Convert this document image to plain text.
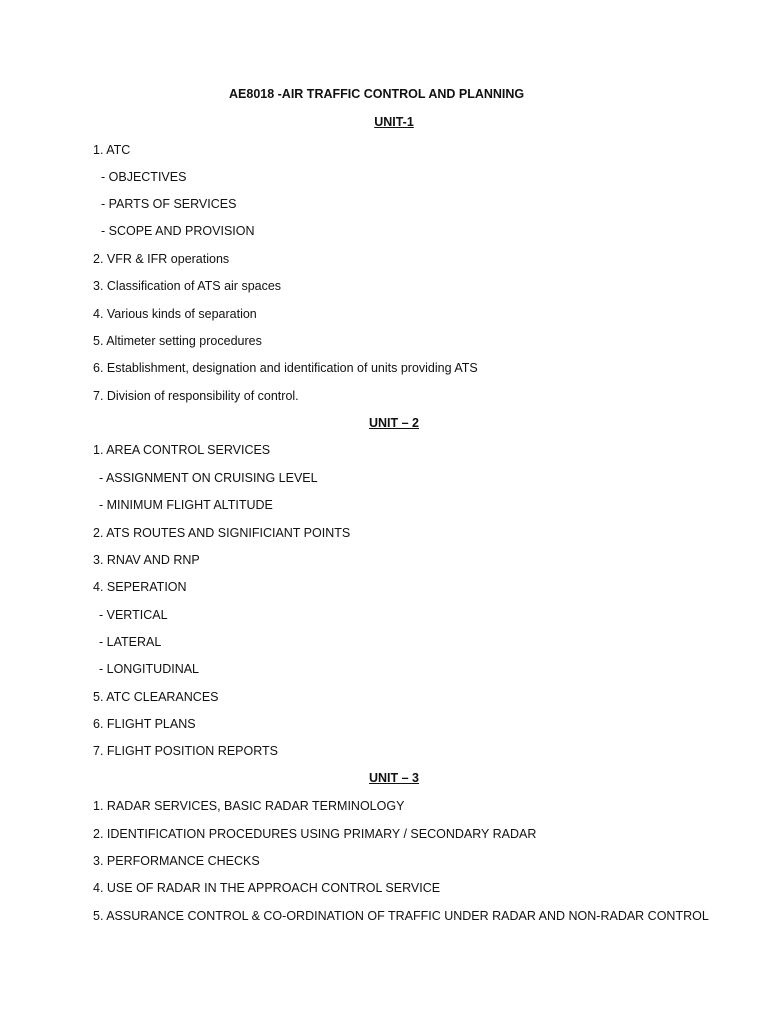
AE8018 -AIR TRAFFIC CONTROL AND PLANNING
UNIT-1
1. ATC
- OBJECTIVES
- PARTS OF SERVICES
- SCOPE AND PROVISION
2. VFR & IFR operations
3. Classification of ATS air spaces
4. Various kinds of separation
5. Altimeter setting procedures
6. Establishment, designation and identification of units providing ATS
7. Division of responsibility of control.
UNIT – 2
1. AREA CONTROL SERVICES
- ASSIGNMENT ON CRUISING LEVEL
- MINIMUM FLIGHT ALTITUDE
2. ATS ROUTES AND SIGNIFICIANT POINTS
3. RNAV AND RNP
4. SEPERATION
- VERTICAL
- LATERAL
- LONGITUDINAL
5. ATC CLEARANCES
6. FLIGHT PLANS
7. FLIGHT POSITION REPORTS
UNIT – 3
1. RADAR SERVICES, BASIC RADAR TERMINOLOGY
2. IDENTIFICATION PROCEDURES USING PRIMARY / SECONDARY RADAR
3. PERFORMANCE CHECKS
4. USE OF RADAR IN THE APPROACH CONTROL SERVICE
5. ASSURANCE CONTROL & CO-ORDINATION OF TRAFFIC UNDER RADAR AND NON-RADAR CONTROL
